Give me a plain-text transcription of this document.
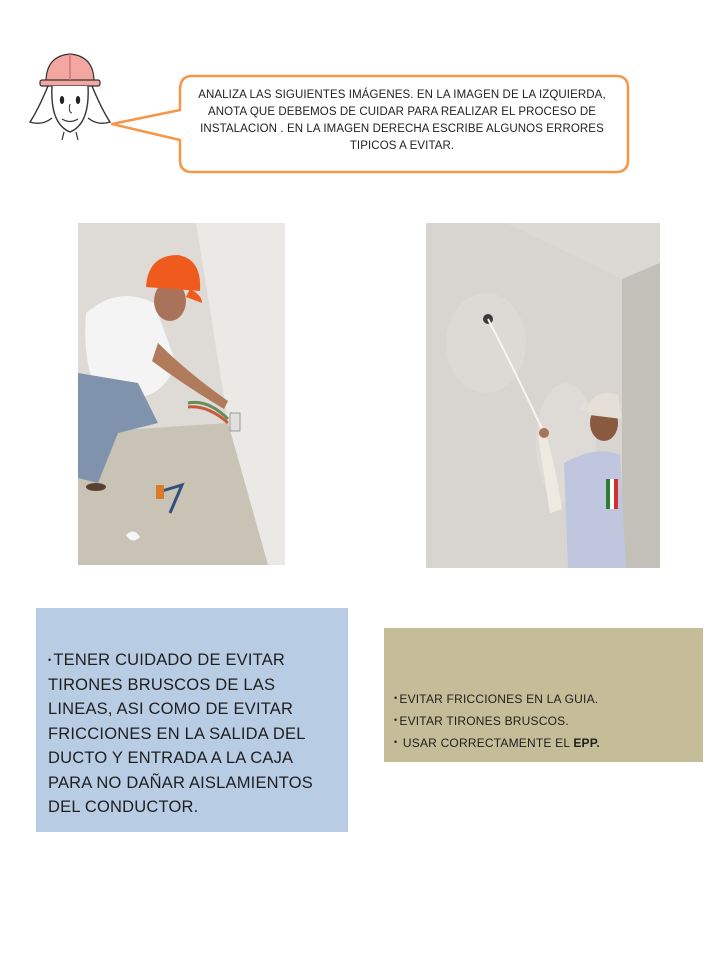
ANALIZA LAS SIGUIENTES IMÁGENES. EN LA IMAGEN DE LA IZQUIERDA, ANOTA QUE DEBEMOS DE CUIDAR PARA REALIZAR EL PROCESO DE INSTALACION . EN LA IMAGEN DERECHA ESCRIBE ALGUNOS ERRORES TIPICOS A EVITAR.
• TENER CUIDADO DE EVITAR TIRONES BRUSCOS DE LAS LINEAS, ASI COMO DE EVITAR FRICCIONES EN LA SALIDA DEL DUCTO Y ENTRADA A LA CAJA PARA NO DAÑAR AISLAMIENTOS DEL CONDUCTOR.
• EVITAR FRICCIONES EN LA GUIA.
• EVITAR TIRONES BRUSCOS.
• USAR CORRECTAMENTE EL EPP.
